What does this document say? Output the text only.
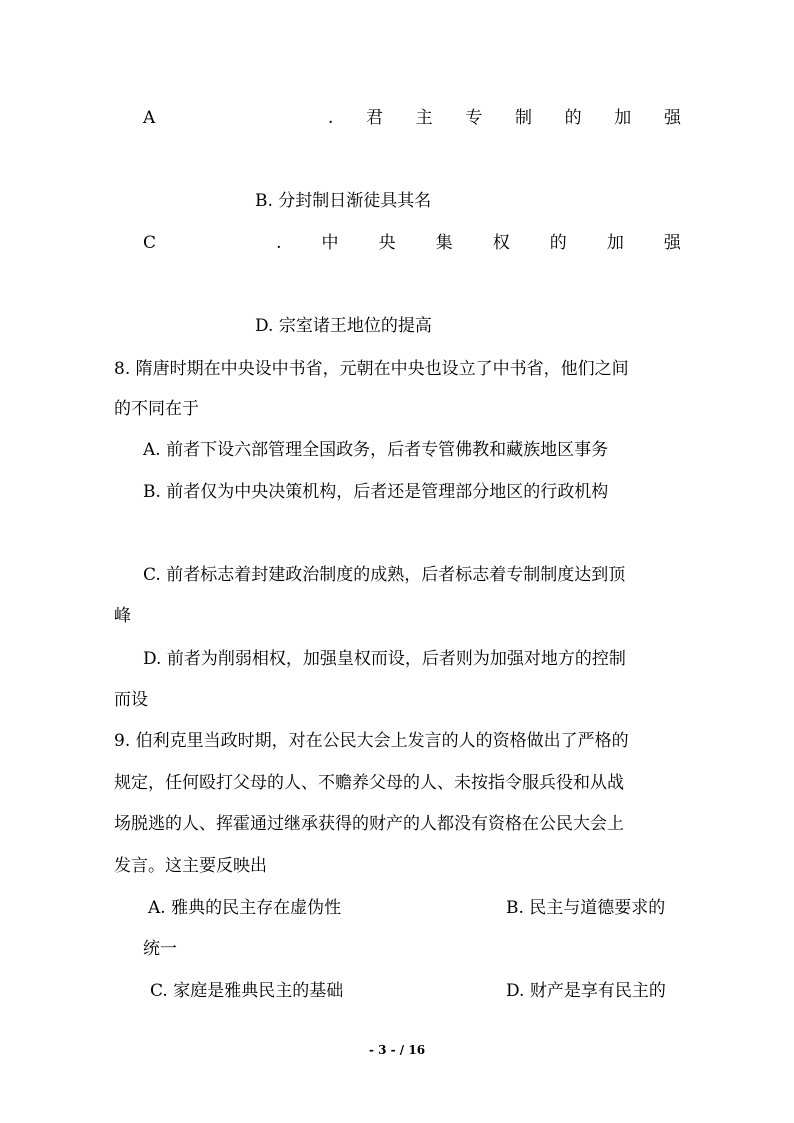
A	. 君 主 专 制 的 加 强
B. 分封制日渐徒具其名
C	. 中 央 集 权 的 加 强
D. 宗室诸王地位的提高
8. 隋唐时期在中央设中书省，元朝在中央也设立了中书省，他们之间
的不同在于
A. 前者下设六部管理全国政务，后者专管佛教和藏族地区事务
B. 前者仅为中央决策机构，后者还是管理部分地区的行政机构
C. 前者标志着封建政治制度的成熟，后者标志着专制制度达到顶
峰
D. 前者为削弱相权，加强皇权而设，后者则为加强对地方的控制
而设
9. 伯利克里当政时期，对在公民大会上发言的人的资格做出了严格的
规定，任何殴打父母的人、不赡养父母的人、未按指令服兵役和从战
场脱逃的人、挥霍通过继承获得的财产的人都没有资格在公民大会上
发言。这主要反映出
A. 雅典的民主存在虚伪性	B. 民主与道德要求的
统一
C. 家庭是雅典民主的基础	D. 财产是享有民主的
- 3 - / 16
